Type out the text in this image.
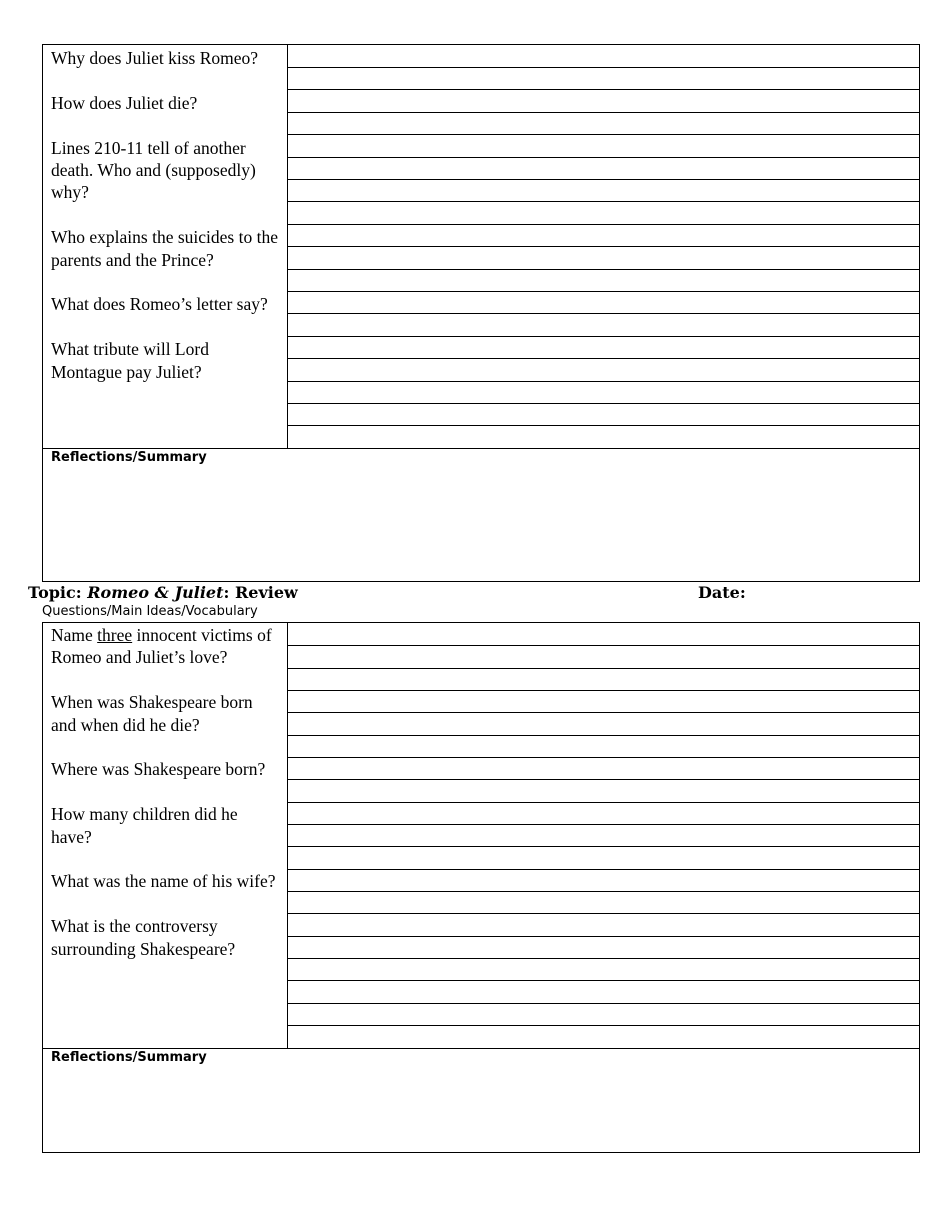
Why does Juliet kiss Romeo?

How does Juliet die?

Lines 210-11 tell of another death. Who and (supposedly) why?

Who explains the suicides to the parents and the Prince?

What does Romeo’s letter say?

What tribute will Lord Montague pay Juliet?

Reflections/Summary
Topic: Romeo & Juliet: Review	Date:
Questions/Main Ideas/Vocabulary

Name three innocent victims of Romeo and Juliet’s love?

When was Shakespeare born and when did he die?

Where was Shakespeare born?

How many children did he have?

What was the name of his wife?

What is the controversy surrounding Shakespeare?

Reflections/Summary
